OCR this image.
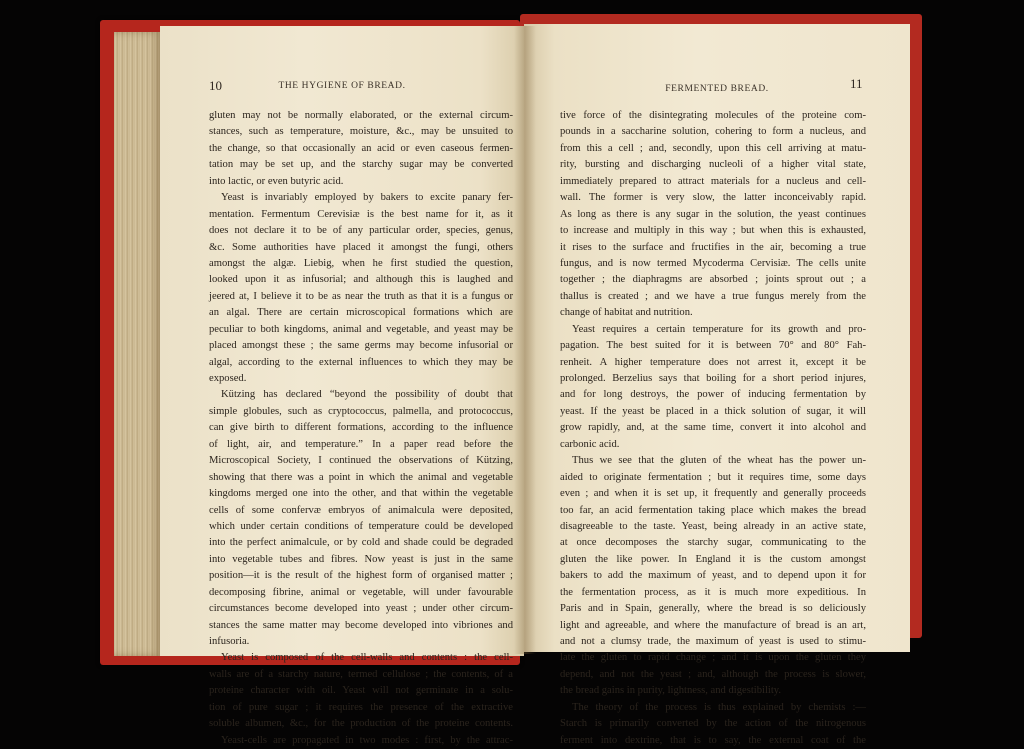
10	THE HYGIENE OF BREAD.
gluten may not be normally elaborated, or the external circum-
stances, such as temperature, moisture, &c., may be unsuited to
the change, so that occasionally an acid or even caseous fermen-
tation may be set up, and the starchy sugar may be converted
into lactic, or even butyric acid.
Yeast is invariably employed by bakers to excite panary fer-
mentation. Fermentum Cerevisiæ is the best name for it, as it
does not declare it to be of any particular order, species, genus,
&c. Some authorities have placed it amongst the fungi, others
amongst the algæ. Liebig, when he first studied the question,
looked upon it as infusorial; and although this is laughed and
jeered at, I believe it to be as near the truth as that it is a fungus or
an algal. There are certain microscopical formations which are
peculiar to both kingdoms, animal and vegetable, and yeast may be
placed amongst these ; the same germs may become infusorial or
algal, according to the external influences to which they may be
exposed.
Kützing has declared “beyond the possibility of doubt that
simple globules, such as cryptococcus, palmella, and protococcus,
can give birth to different formations, according to the influence
of light, air, and temperature.” In a paper read before the
Microscopical Society, I continued the observations of Kützing,
showing that there was a point in which the animal and vegetable
kingdoms merged one into the other, and that within the vegetable
cells of some confervæ embryos of animalcula were deposited,
which under certain conditions of temperature could be developed
into the perfect animalcule, or by cold and shade could be degraded
into vegetable tubes and fibres. Now yeast is just in the same
position—it is the result of the highest form of organised matter ;
decomposing fibrine, animal or vegetable, will under favourable
circumstances become developed into yeast ; under other circum-
stances the same matter may become developed into vibriones and
infusoria.
Yeast is composed of the cell-walls and contents : the cell-
walls are of a starchy nature, termed cellulose ; the contents, of a
proteine character with oil. Yeast will not germinate in a solu-
tion of pure sugar ; it requires the presence of the extractive
soluble albumen, &c., for the production of the proteine contents.
Yeast-cells are propagated in two modes : first, by the attrac-
FERMENTED BREAD.	11
tive force of the disintegrating molecules of the proteine com-
pounds in a saccharine solution, cohering to form a nucleus, and
from this a cell ; and, secondly, upon this cell arriving at matu-
rity, bursting and discharging nucleoli of a higher vital state,
immediately prepared to attract materials for a nucleus and cell-
wall. The former is very slow, the latter inconceivably rapid.
As long as there is any sugar in the solution, the yeast continues
to increase and multiply in this way ; but when this is exhausted,
it rises to the surface and fructifies in the air, becoming a true
fungus, and is now termed Mycoderma Cervisiæ. The cells unite
together ; the diaphragms are absorbed ; joints sprout out ; a
thallus is created ; and we have a true fungus merely from the
change of habitat and nutrition.
Yeast requires a certain temperature for its growth and pro-
pagation. The best suited for it is between 70° and 80° Fah-
renheit. A higher temperature does not arrest it, except it be
prolonged. Berzelius says that boiling for a short period injures,
and for long destroys, the power of inducing fermentation by
yeast. If the yeast be placed in a thick solution of sugar, it will
grow rapidly, and, at the same time, convert it into alcohol and
carbonic acid.
Thus we see that the gluten of the wheat has the power un-
aided to originate fermentation ; but it requires time, some days
even ; and when it is set up, it frequently and generally proceeds
too far, an acid fermentation taking place which makes the bread
disagreeable to the taste. Yeast, being already in an active state,
at once decomposes the starchy sugar, communicating to the
gluten the like power. In England it is the custom amongst
bakers to add the maximum of yeast, and to depend upon it for
the fermentation process, as it is much more expeditious. In
Paris and in Spain, generally, where the bread is so deliciously
light and agreeable, and where the manufacture of bread is an art,
and not a clumsy trade, the maximum of yeast is used to stimu-
late the gluten to rapid change ; and it is upon the gluten they
depend, and not the yeast ; and, although the process is slower,
the bread gains in purity, lightness, and digestibility.
The theory of the process is thus explained by chemists :—
Starch is primarily converted by the action of the nitrogenous
ferment into dextrine, that is to say, the external coat of the
